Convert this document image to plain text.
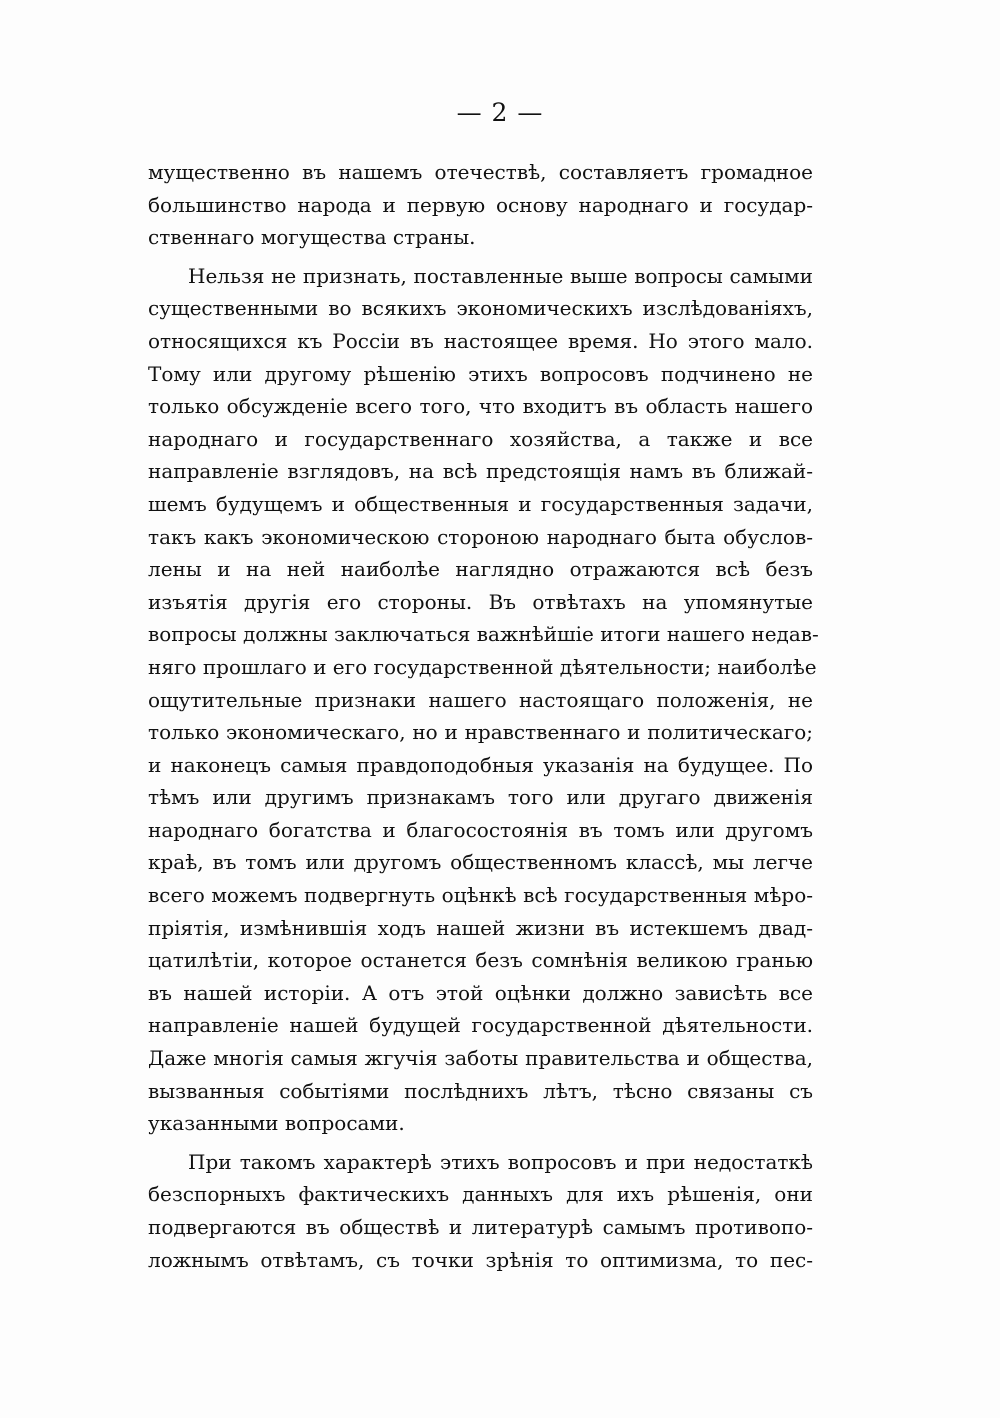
— 2 —
мущественно въ нашемъ отечествѣ, составляетъ громадное
большинство народа и первую основу народнаго и государ-
ственнаго могущества страны.
Нельзя не признать, поставленные выше вопросы самыми
существенными во всякихъ экономическихъ изслѣдованіяхъ,
относящихся къ Россіи въ настоящее время. Но этого мало.
Тому или другому рѣшенію этихъ вопросовъ подчинено не
только обсужденіе всего того, что входитъ въ область нашего
народнаго и государственнаго хозяйства, а также и все
направленіе взглядовъ, на всѣ предстоящія намъ въ ближай-
шемъ будущемъ и общественныя и государственныя задачи,
такъ какъ экономическою стороною народнаго быта обуслов-
лены и на ней наиболѣе наглядно отражаются всѣ безъ
изъятія другія его стороны. Въ отвѣтахъ на упомянутые
вопросы должны заключаться важнѣйшіе итоги нашего недав-
няго прошлаго и его государственной дѣятельности; наиболѣе
ощутительные признаки нашего настоящаго положенія, не
только экономическаго, но и нравственнаго и политическаго;
и наконецъ самыя правдоподобныя указанія на будущее. По
тѣмъ или другимъ признакамъ того или другаго движенія
народнаго богатства и благосостоянія въ томъ или другомъ
краѣ, въ томъ или другомъ общественномъ классѣ, мы легче
всего можемъ подвергнуть оцѣнкѣ всѣ государственныя мѣро-
пріятія, измѣнившія ходъ нашей жизни въ истекшемъ двад-
цатилѣтіи, которое останется безъ сомнѣнія великою гранью
въ нашей исторіи. А отъ этой оцѣнки должно зависѣть все
направленіе нашей будущей государственной дѣятельности.
Даже многія самыя жгучія заботы правительства и общества,
вызванныя событіями послѣднихъ лѣтъ, тѣсно связаны съ
указанными вопросами.
При такомъ характерѣ этихъ вопросовъ и при недостаткѣ
безспорныхъ фактическихъ данныхъ для ихъ рѣшенія, они
подвергаются въ обществѣ и литературѣ самымъ противопо-
ложнымъ отвѣтамъ, съ точки зрѣнія то оптимизма, то пес-
